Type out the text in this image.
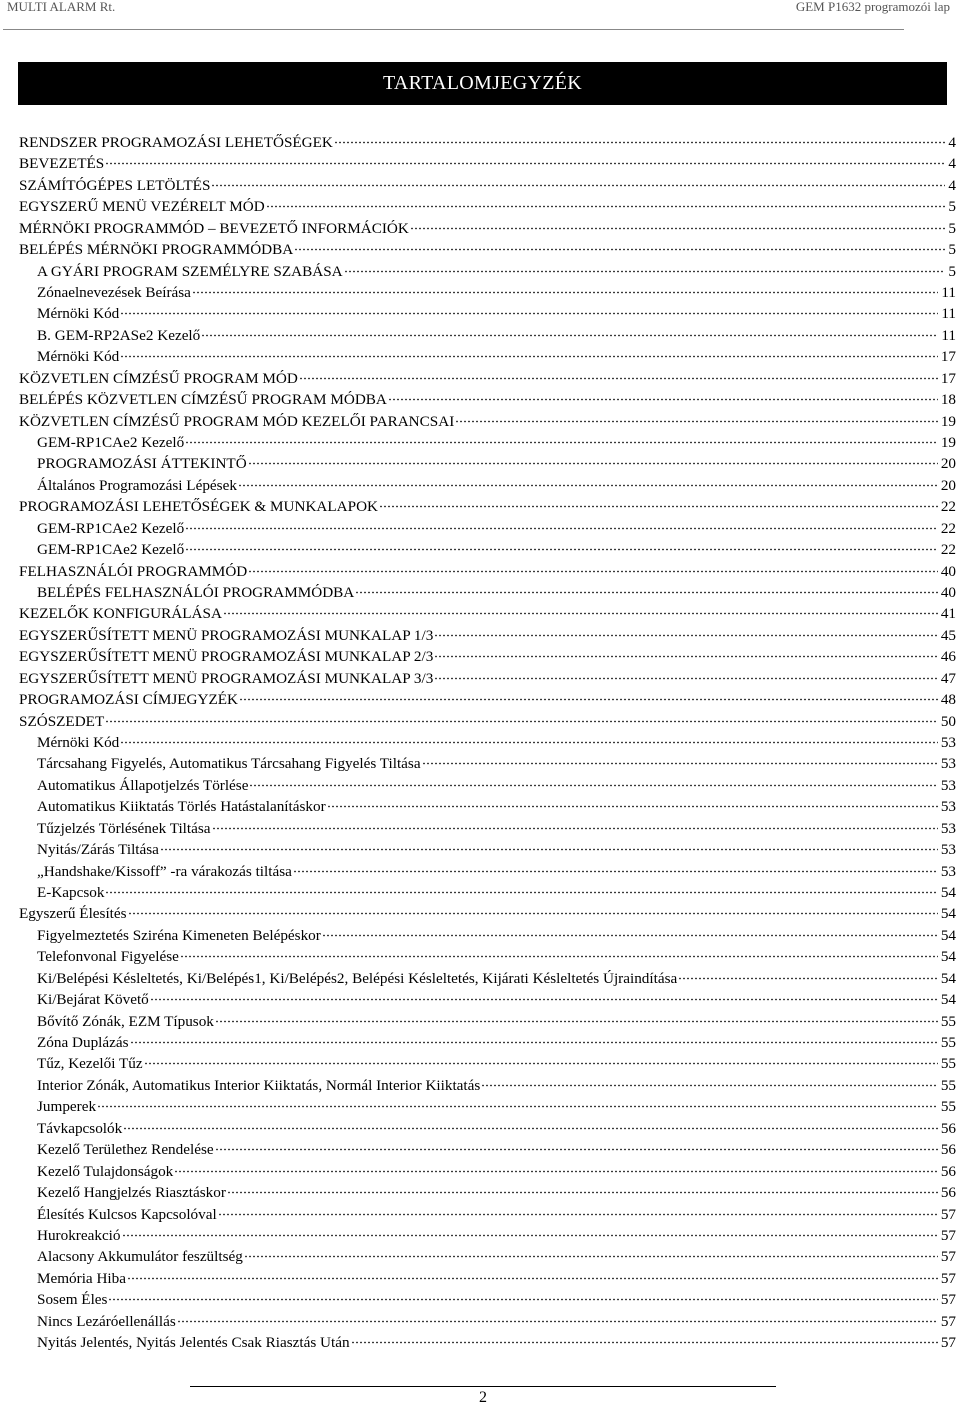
MULTI ALARM Rt.	GEM P1632 programozói lap
TARTALOMJEGYZÉK
RENDSZER PROGRAMOZÁSI LEHETŐSÉGEK	4
BEVEZETÉS	4
SZÁMÍTÓGÉPES LETÖLTÉS	4
EGYSZERŰ MENÜ VEZÉRELT MÓD	5
MÉRNÖKI PROGRAMMÓD – BEVEZETŐ INFORMÁCIÓK	5
BELÉPÉS MÉRNÖKI PROGRAMMÓDBA	5
A GYÁRI PROGRAM SZEMÉLYRE SZABÁSA	5
Zónaelnevezések Beírása	11
Mérnöki Kód	11
B. GEM-RP2ASe2 Kezelő	11
Mérnöki Kód	17
KÖZVETLEN CÍMZÉSŰ PROGRAM MÓD	17
BELÉPÉS KÖZVETLEN CÍMZÉSŰ PROGRAM MÓDBA	18
KÖZVETLEN CÍMZÉSŰ PROGRAM MÓD KEZELŐI PARANCSAI	19
GEM-RP1CAe2 Kezelő	19
PROGRAMOZÁSI ÁTTEKINTŐ	20
Általános Programozási Lépések	20
PROGRAMOZÁSI LEHETŐSÉGEK & MUNKALAPOK	22
GEM-RP1CAe2 Kezelő	22
GEM-RP1CAe2 Kezelő	22
FELHASZNÁLÓI PROGRAMMÓD	40
BELÉPÉS FELHASZNÁLÓI PROGRAMMÓDBA	40
KEZELŐK KONFIGURÁLÁSA	41
EGYSZERŰSÍTETT MENÜ PROGRAMOZÁSI MUNKALAP 1/3	45
EGYSZERŰSÍTETT MENÜ PROGRAMOZÁSI MUNKALAP 2/3	46
EGYSZERŰSÍTETT MENÜ PROGRAMOZÁSI MUNKALAP 3/3	47
PROGRAMOZÁSI CÍMJEGYZÉK	48
SZÓSZEDET	50
Mérnöki Kód	53
Tárcsahang Figyelés, Automatikus Tárcsahang Figyelés Tiltása	53
Automatikus Állapotjelzés Törlése	53
Automatikus Kiiktatás Törlés Hatástalanításkor	53
Tűzjelzés Törlésének Tiltása	53
Nyitás/Zárás Tiltása	53
„Handshake/Kissoff” -ra várakozás tiltása	53
E-Kapcsok	54
Egyszerű Élesítés	54
Figyelmeztetés Sziréna Kimeneten Belépéskor	54
Telefonvonal Figyelése	54
Ki/Belépési Késleltetés, Ki/Belépés1, Ki/Belépés2, Belépési Késleltetés, Kijárati Késleltetés Újraindítása	54
Ki/Bejárat Követő	54
Bővítő Zónák, EZM Típusok	55
Zóna Duplázás	55
Tűz, Kezelői Tűz	55
Interior Zónák, Automatikus Interior Kiiktatás, Normál Interior Kiiktatás	55
Jumperek	55
Távkapcsolók	56
Kezelő Területhez Rendelése	56
Kezelő Tulajdonságok	56
Kezelő Hangjelzés Riasztáskor	56
Élesítés Kulcsos Kapcsolóval	57
Hurokreakció	57
Alacsony Akkumulátor feszültség	57
Memória Hiba	57
Sosem Éles	57
Nincs Lezáróellenállás	57
Nyitás Jelentés, Nyitás Jelentés Csak Riasztás Után	57
2
